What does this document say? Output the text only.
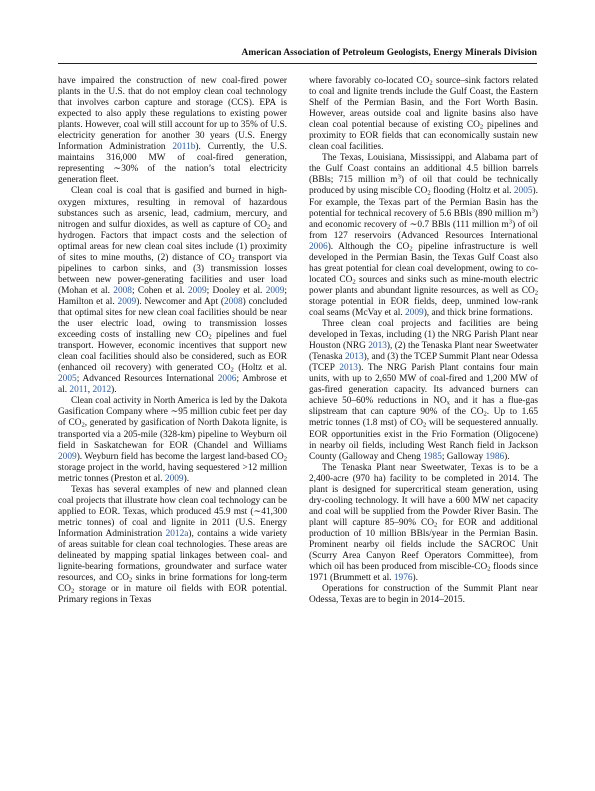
American Association of Petroleum Geologists, Energy Minerals Division

have impaired the construction of new coal-fired power plants in the U.S. that do not employ clean coal technology that involves carbon capture and storage (CCS). EPA is expected to also apply these regulations to existing power plants. However, coal will still account for up to 35% of U.S. electricity generation for another 30 years (U.S. Energy Information Administration 2011b). Currently, the U.S. maintains 316,000 MW of coal-fired generation, representing ∼30% of the nation’s total electricity generation fleet.

Clean coal is coal that is gasified and burned in high-oxygen mixtures, resulting in removal of hazardous substances such as arsenic, lead, cadmium, mercury, and nitrogen and sulfur dioxides, as well as capture of $CO_2$ and hydrogen. Factors that impact costs and the selection of optimal areas for new clean coal sites include (1) proximity of sites to mine mouths, (2) distance of $CO_2$ transport via pipelines to carbon sinks, and (3) transmission losses between new power-generating facilities and user load (Mohan et al. 2008; Cohen et al. 2009; Dooley et al. 2009; Hamilton et al. 2009). Newcomer and Apt (2008) concluded that optimal sites for new clean coal facilities should be near the user electric load, owing to transmission losses exceeding costs of installing new $CO_2$ pipelines and fuel transport. However, economic incentives that support new clean coal facilities should also be considered, such as EOR (enhanced oil recovery) with generated $CO_2$ (Holtz et al. 2005; Advanced Resources International 2006; Ambrose et al. 2011, 2012).

Clean coal activity in North America is led by the Dakota Gasification Company where ∼95 million cubic feet per day of $CO_2$, generated by gasification of North Dakota lignite, is transported via a 205-mile (328-km) pipeline to Weyburn oil field in Saskatchewan for EOR (Chandel and Williams 2009). Weyburn field has become the largest land-based $CO_2$ storage project in the world, having sequestered >12 million metric tonnes (Preston et al. 2009).

Texas has several examples of new and planned clean coal projects that illustrate how clean coal technology can be applied to EOR. Texas, which produced 45.9 mst (∼41,300 metric tonnes) of coal and lignite in 2011 (U.S. Energy Information Administration 2012a), contains a wide variety of areas suitable for clean coal technologies. These areas are delineated by mapping spatial linkages between coal- and lignite-bearing formations, groundwater and surface water resources, and $CO_2$ sinks in brine formations for long-term $CO_2$ storage or in mature oil fields with EOR potential. Primary regions in Texas

where favorably co-located $CO_2$ source–sink factors related to coal and lignite trends include the Gulf Coast, the Eastern Shelf of the Permian Basin, and the Fort Worth Basin. However, areas outside coal and lignite basins also have clean coal potential because of existing $CO_2$ pipelines and proximity to EOR fields that can economically sustain new clean coal facilities.

The Texas, Louisiana, Mississippi, and Alabama part of the Gulf Coast contains an additional 4.5 billion barrels (BBls; 715 million $m^3$) of oil that could be technically produced by using miscible $CO_2$ flooding (Holtz et al. 2005). For example, the Texas part of the Permian Basin has the potential for technical recovery of 5.6 BBls (890 million $m^3$) and economic recovery of ∼0.7 BBls (111 million $m^3$) of oil from 127 reservoirs (Advanced Resources International 2006). Although the $CO_2$ pipeline infrastructure is well developed in the Permian Basin, the Texas Gulf Coast also has great potential for clean coal development, owing to co-located $CO_2$ sources and sinks such as mine-mouth electric power plants and abundant lignite resources, as well as $CO_2$ storage potential in EOR fields, deep, unmined low-rank coal seams (McVay et al. 2009), and thick brine formations.

Three clean coal projects and facilities are being developed in Texas, including (1) the NRG Parish Plant near Houston (NRG 2013), (2) the Tenaska Plant near Sweetwater (Tenaska 2013), and (3) the TCEP Summit Plant near Odessa (TCEP 2013). The NRG Parish Plant contains four main units, with up to 2,650 MW of coal-fired and 1,200 MW of gas-fired generation capacity. Its advanced burners can achieve 50–60% reductions in $NO_x$ and it has a flue-gas slipstream that can capture 90% of the $CO_2$. Up to 1.65 metric tonnes (1.8 mst) of $CO_2$ will be sequestered annually. EOR opportunities exist in the Frio Formation (Oligocene) in nearby oil fields, including West Ranch field in Jackson County (Galloway and Cheng 1985; Galloway 1986).

The Tenaska Plant near Sweetwater, Texas is to be a 2,400-acre (970 ha) facility to be completed in 2014. The plant is designed for supercritical steam generation, using dry-cooling technology. It will have a 600 MW net capacity and coal will be supplied from the Powder River Basin. The plant will capture 85–90% $CO_2$ for EOR and additional production of 10 million BBls/year in the Permian Basin. Prominent nearby oil fields include the SACROC Unit (Scurry Area Canyon Reef Operators Committee), from which oil has been produced from miscible-$CO_2$ floods since 1971 (Brummett et al. 1976).

Operations for construction of the Summit Plant near Odessa, Texas are to begin in 2014–2015.
